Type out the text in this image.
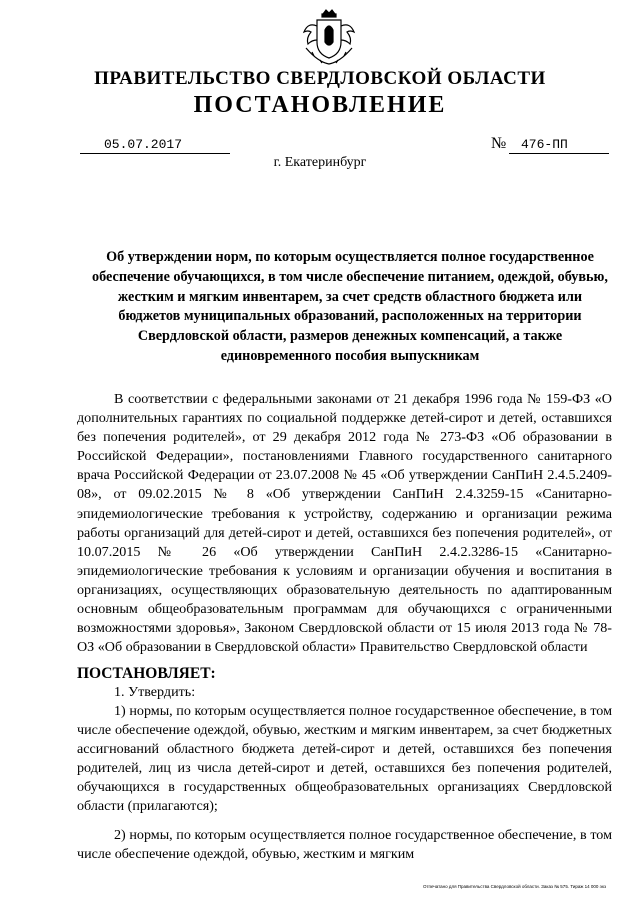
ПРАВИТЕЛЬСТВО СВЕРДЛОВСКОЙ ОБЛАСТИ
ПОСТАНОВЛЕНИЕ
05.07.2017	№	476-ПП
г. Екатеринбург
Об утверждении норм, по которым осуществляется полное государственное обеспечение обучающихся, в том числе обеспечение питанием, одеждой, обувью, жестким и мягким инвентарем, за счет средств областного бюджета или бюджетов муниципальных образований, расположенных на территории Свердловской области, размеров денежных компенсаций, а также единовременного пособия выпускникам
В соответствии с федеральными законами от 21 декабря 1996 года № 159-ФЗ «О дополнительных гарантиях по социальной поддержке детей-сирот и детей, оставшихся без попечения родителей», от 29 декабря 2012 года № 273-ФЗ «Об образовании в Российской Федерации», постановлениями Главного государственного санитарного врача Российской Федерации от 23.07.2008 № 45 «Об утверждении СанПиН 2.4.5.2409-08», от 09.02.2015 № 8 «Об утверждении СанПиН 2.4.3259-15 «Санитарно-эпидемиологические требования к устройству, содержанию и организации режима работы организаций для детей-сирот и детей, оставшихся без попечения родителей», от 10.07.2015 № 26 «Об утверждении СанПиН 2.4.2.3286-15 «Санитарно-эпидемиологические требования к условиям и организации обучения и воспитания в организациях, осуществляющих образовательную деятельность по адаптированным основным общеобразовательным программам для обучающихся с ограниченными возможностями здоровья», Законом Свердловской области от 15 июля 2013 года № 78-ОЗ «Об образовании в Свердловской области» Правительство Свердловской области
ПОСТАНОВЛЯЕТ:
1. Утвердить:
1) нормы, по которым осуществляется полное государственное обеспечение, в том числе обеспечение одеждой, обувью, жестким и мягким инвентарем, за счет бюджетных ассигнований областного бюджета детей-сирот и детей, оставшихся без попечения родителей, лиц из числа детей-сирот и детей, оставшихся без попечения родителей, обучающихся в государственных общеобразовательных организациях Свердловской области (прилагаются);
2) нормы, по которым осуществляется полное государственное обеспечение, в том числе обеспечение одеждой, обувью, жестким и мягким
Отпечатано для Правительства Свердловской области. Заказ № 575. Тираж 14 000 экз
